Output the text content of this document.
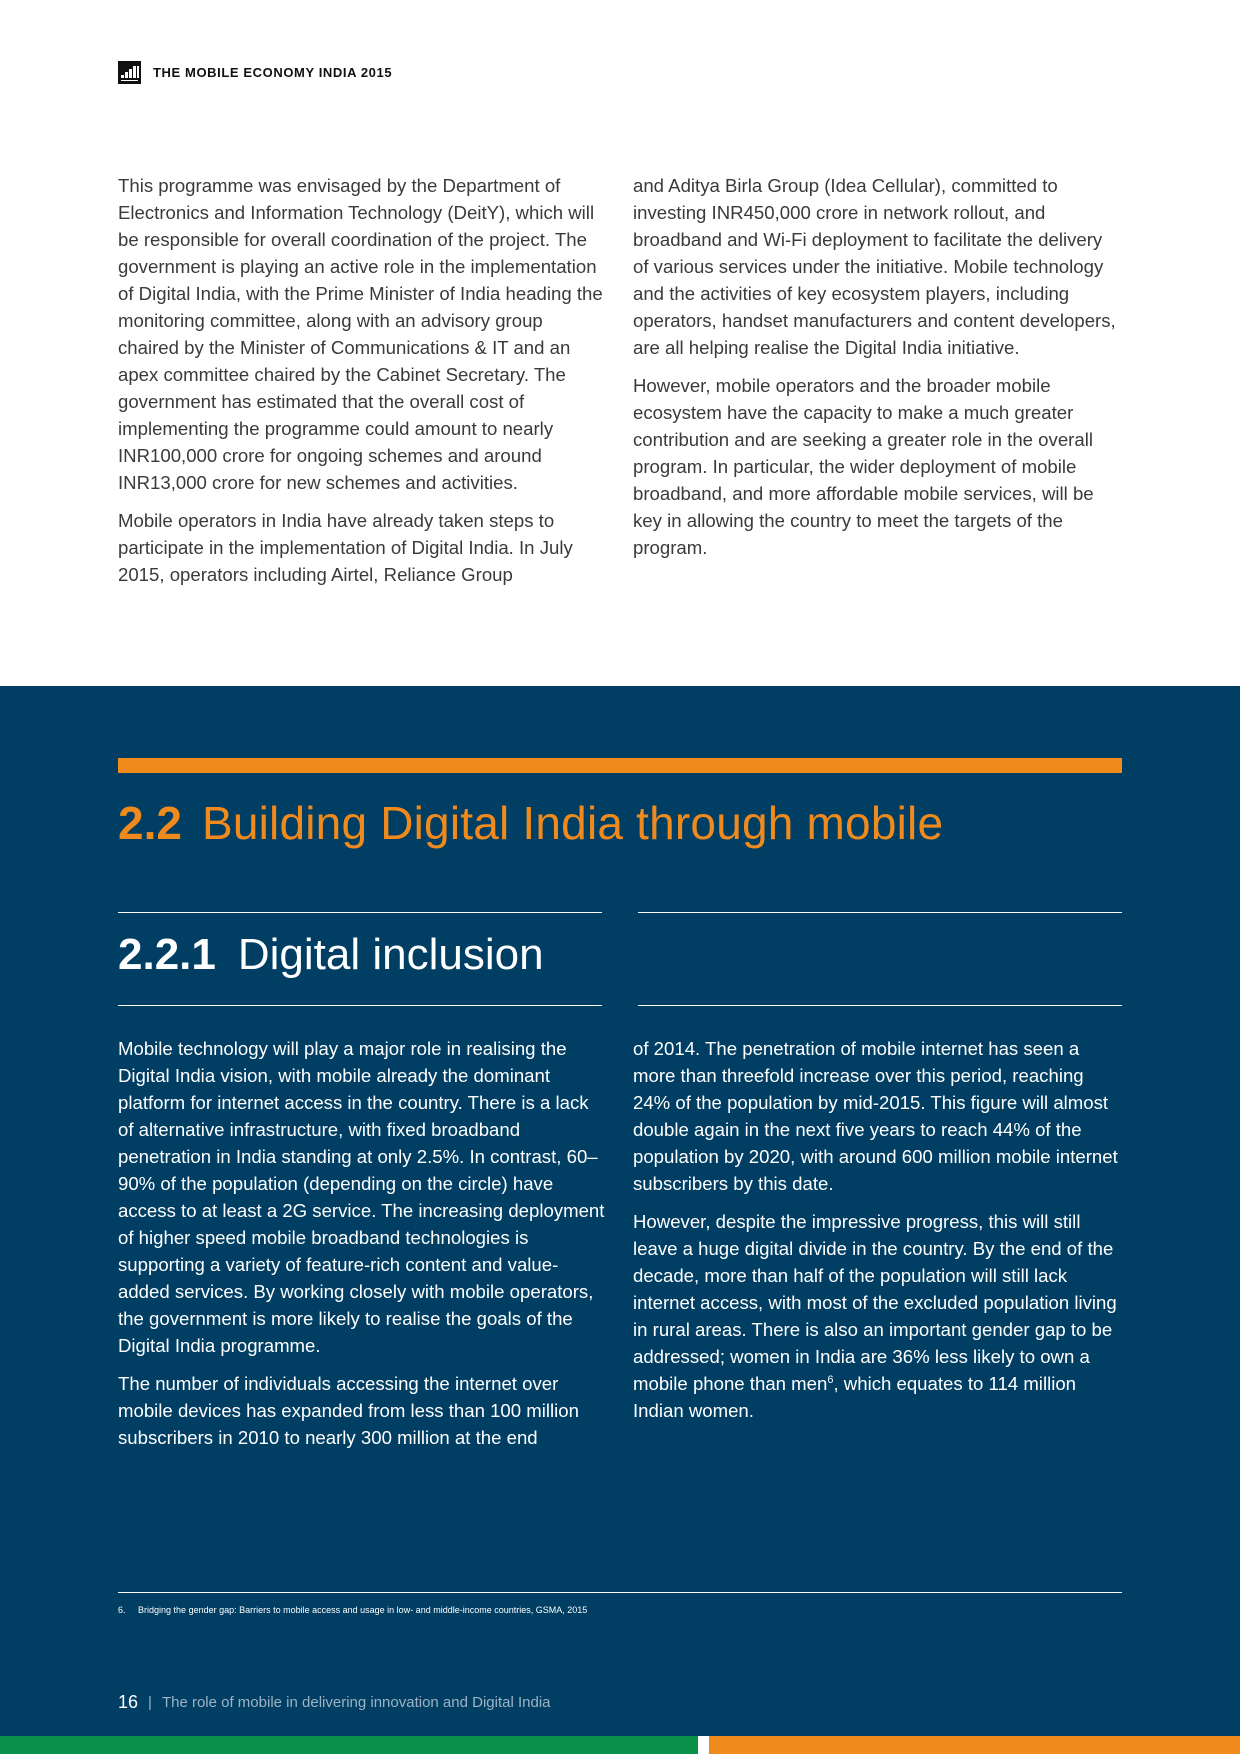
THE MOBILE ECONOMY INDIA 2015

This programme was envisaged by the Department of Electronics and Information Technology (DeitY), which will be responsible for overall coordination of the project. The government is playing an active role in the implementation of Digital India, with the Prime Minister of India heading the monitoring committee, along with an advisory group chaired by the Minister of Communications & IT and an apex committee chaired by the Cabinet Secretary. The government has estimated that the overall cost of implementing the programme could amount to nearly INR100,000 crore for ongoing schemes and around INR13,000 crore for new schemes and activities.

Mobile operators in India have already taken steps to participate in the implementation of Digital India. In July 2015, operators including Airtel, Reliance Group

and Aditya Birla Group (Idea Cellular), committed to investing INR450,000 crore in network rollout, and broadband and Wi-Fi deployment to facilitate the delivery of various services under the initiative. Mobile technology and the activities of key ecosystem players, including operators, handset manufacturers and content developers, are all helping realise the Digital India initiative.

However, mobile operators and the broader mobile ecosystem have the capacity to make a much greater contribution and are seeking a greater role in the overall program. In particular, the wider deployment of mobile broadband, and more affordable mobile services, will be key in allowing the country to meet the targets of the program.

2.2 Building Digital India through mobile
2.2.1 Digital inclusion

Mobile technology will play a major role in realising the Digital India vision, with mobile already the dominant platform for internet access in the country. There is a lack of alternative infrastructure, with fixed broadband penetration in India standing at only 2.5%. In contrast, 60–90% of the population (depending on the circle) have access to at least a 2G service. The increasing deployment of higher speed mobile broadband technologies is supporting a variety of feature-rich content and value-added services. By working closely with mobile operators, the government is more likely to realise the goals of the Digital India programme.

The number of individuals accessing the internet over mobile devices has expanded from less than 100 million subscribers in 2010 to nearly 300 million at the end

of 2014. The penetration of mobile internet has seen a more than threefold increase over this period, reaching 24% of the population by mid-2015. This figure will almost double again in the next five years to reach 44% of the population by 2020, with around 600 million mobile internet subscribers by this date.

However, despite the impressive progress, this will still leave a huge digital divide in the country. By the end of the decade, more than half of the population will still lack internet access, with most of the excluded population living in rural areas. There is also an important gender gap to be addressed; women in India are 36% less likely to own a mobile phone than men$^6$, which equates to 114 million Indian women.

6. Bridging the gender gap: Barriers to mobile access and usage in low- and middle-income countries, GSMA, 2015
16 | The role of mobile in delivering innovation and Digital India
